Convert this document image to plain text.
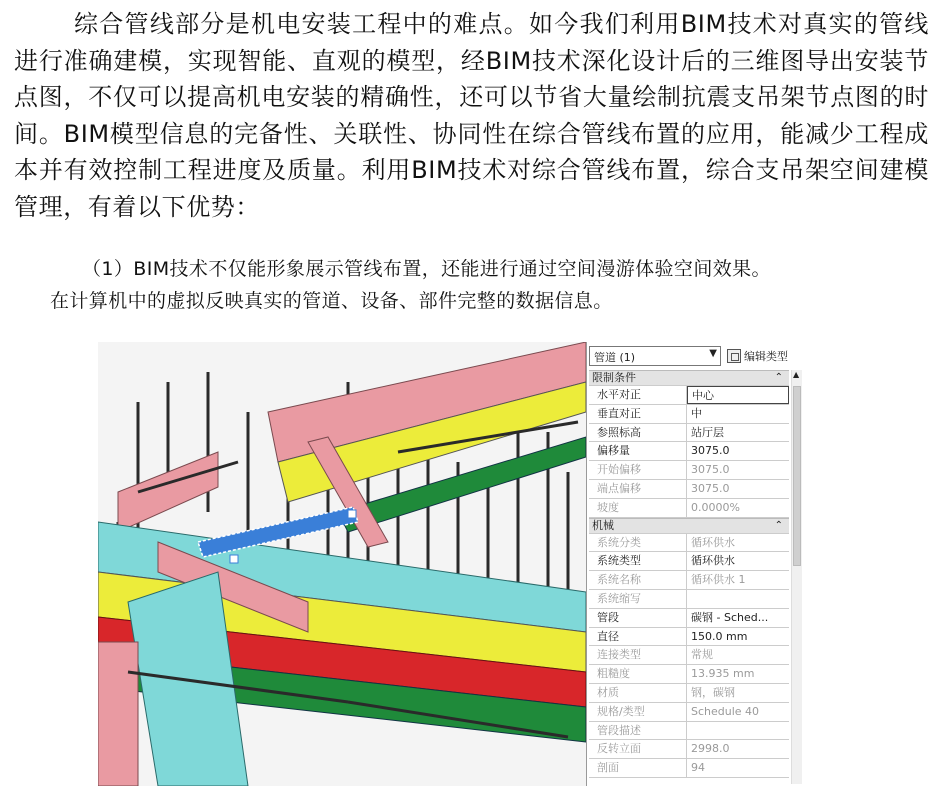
综合管线部分是机电安装工程中的难点。如今我们利用BIM技术对真实的管线进行准确建模，实现智能、直观的模型，经BIM技术深化设计后的三维图导出安装节点图，不仅可以提高机电安装的精确性，还可以节省大量绘制抗震支吊架节点图的时间。BIM模型信息的完备性、关联性、协同性在综合管线布置的应用，能减少工程成本并有效控制工程进度及质量。利用BIM技术对综合管线布置，综合支吊架空间建模管理，有着以下优势：

（1）BIM技术不仅能形象展示管线布置，还能进行通过空间漫游体验空间效果。

在计算机中的虚拟反映真实的管道、设备、部件完整的数据信息。

管道 (1)	▼ 编辑类型
限制条件	⌃
水平对正	中心
垂直对正	中
参照标高	站厅层
偏移量	3075.0
开始偏移	3075.0
端点偏移	3075.0
坡度	0.0000%
机械	⌃
系统分类	循环供水
系统类型	循环供水
系统名称	循环供水 1
系统缩写
管段	碳钢 - Sched...
直径	150.0 mm
连接类型	常规
粗糙度	13.935 mm
材质	钢，碳钢
规格/类型	Schedule 40
管段描述
反转立面	2998.0
剖面	94
▲
